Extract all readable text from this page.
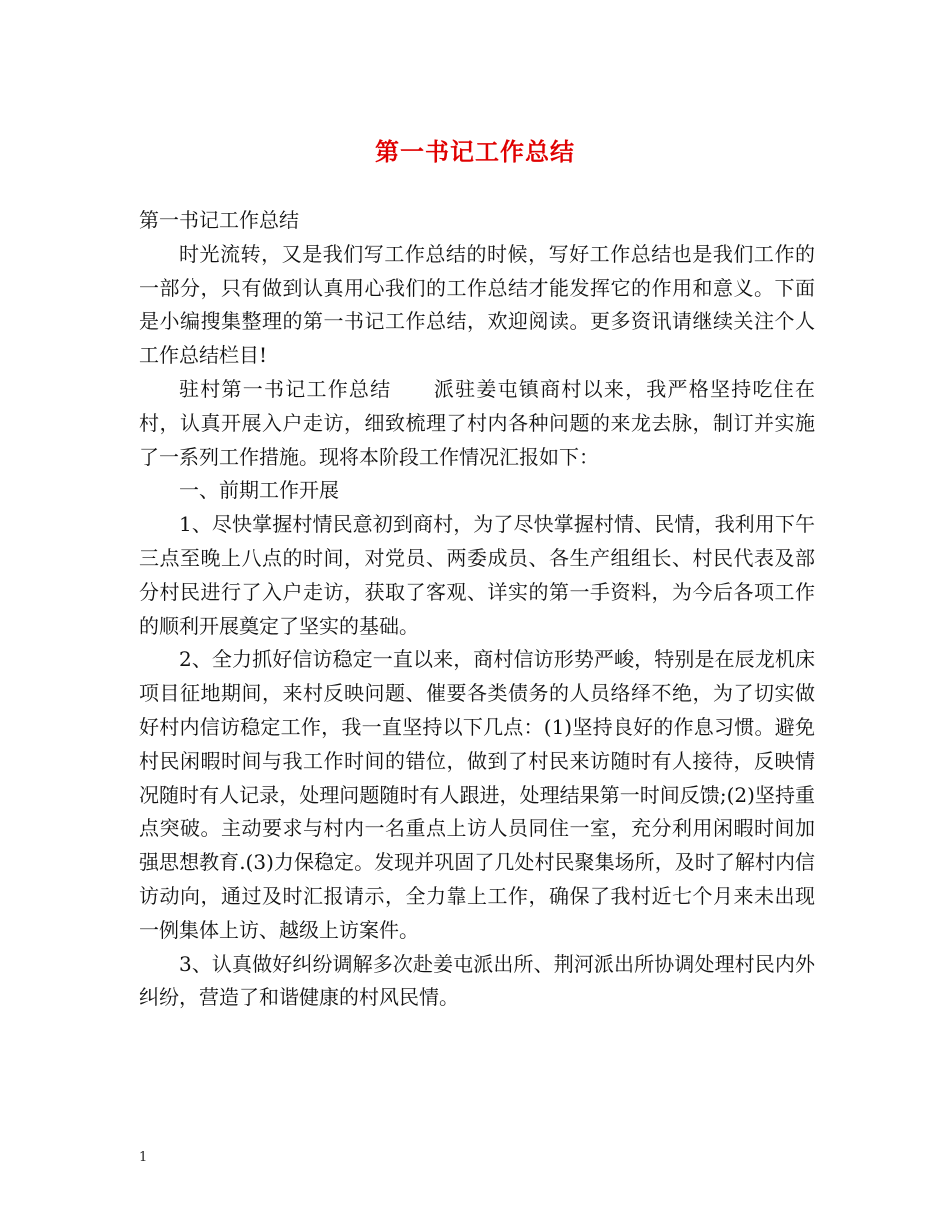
第一书记工作总结

第一书记工作总结

时光流转，又是我们写工作总结的时候，写好工作总结也是我们工作的一部分，只有做到认真用心我们的工作总结才能发挥它的作用和意义。下面是小编搜集整理的第一书记工作总结，欢迎阅读。更多资讯请继续关注个人工作总结栏目!

驻村第一书记工作总结　　派驻姜屯镇商村以来，我严格坚持吃住在村，认真开展入户走访，细致梳理了村内各种问题的来龙去脉，制订并实施了一系列工作措施。现将本阶段工作情况汇报如下：

一、前期工作开展

1、尽快掌握村情民意初到商村，为了尽快掌握村情、民情，我利用下午三点至晚上八点的时间，对党员、两委成员、各生产组组长、村民代表及部分村民进行了入户走访，获取了客观、详实的第一手资料，为今后各项工作的顺利开展奠定了坚实的基础。

2、全力抓好信访稳定一直以来，商村信访形势严峻，特别是在辰龙机床项目征地期间，来村反映问题、催要各类债务的人员络绎不绝，为了切实做好村内信访稳定工作，我一直坚持以下几点：(1)坚持良好的作息习惯。避免村民闲暇时间与我工作时间的错位，做到了村民来访随时有人接待，反映情况随时有人记录，处理问题随时有人跟进，处理结果第一时间反馈;(2)坚持重点突破。主动要求与村内一名重点上访人员同住一室，充分利用闲暇时间加强思想教育.(3)力保稳定。发现并巩固了几处村民聚集场所，及时了解村内信访动向，通过及时汇报请示，全力靠上工作，确保了我村近七个月来未出现一例集体上访、越级上访案件。

3、认真做好纠纷调解多次赴姜屯派出所、荆河派出所协调处理村民内外纠纷，营造了和谐健康的村风民情。

1
